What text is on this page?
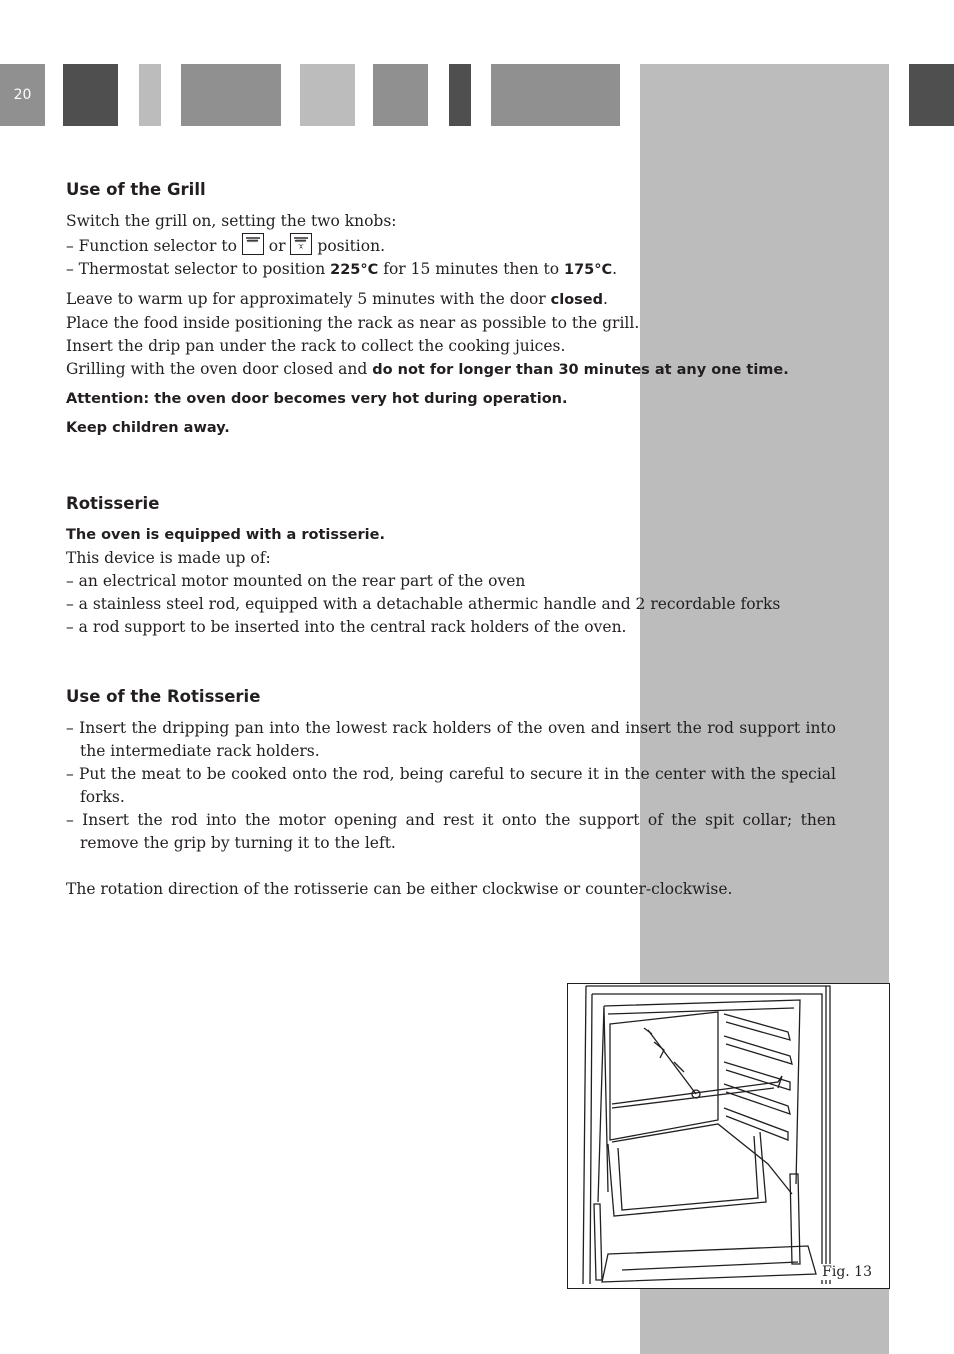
20
Use of the Grill

Switch the grill on, setting the two knobs:

– Function selector to or position.

– Thermostat selector to position 225°C for 15 minutes then to 175°C.

Leave to warm up for approximately 5 minutes with the door closed.

Place the food inside positioning the rack as near as possible to the grill.

Insert the drip pan under the rack to collect the cooking juices.

Grilling with the oven door closed and do not for longer than 30 minutes at any one time.

Attention: the oven door becomes very hot during operation.

Keep children away.

Rotisserie

The oven is equipped with a rotisserie.

This device is made up of:

– an electrical motor mounted on the rear part of the oven

– a stainless steel rod, equipped with a detachable athermic handle and 2 recordable forks

– a rod support to be inserted into the central rack holders of the oven.

Use of the Rotisserie

– Insert the dripping pan into the lowest rack holders of the oven and insert the rod support into the intermediate rack holders.

– Put the meat to be cooked onto the rod, being careful to secure it in the center with the special forks.

– Insert the rod into the motor opening and rest it onto the support of the spit collar; then remove the grip by turning it to the left.

The rotation direction of the rotisserie can be either clockwise or counter-clockwise.

Fig. 13
